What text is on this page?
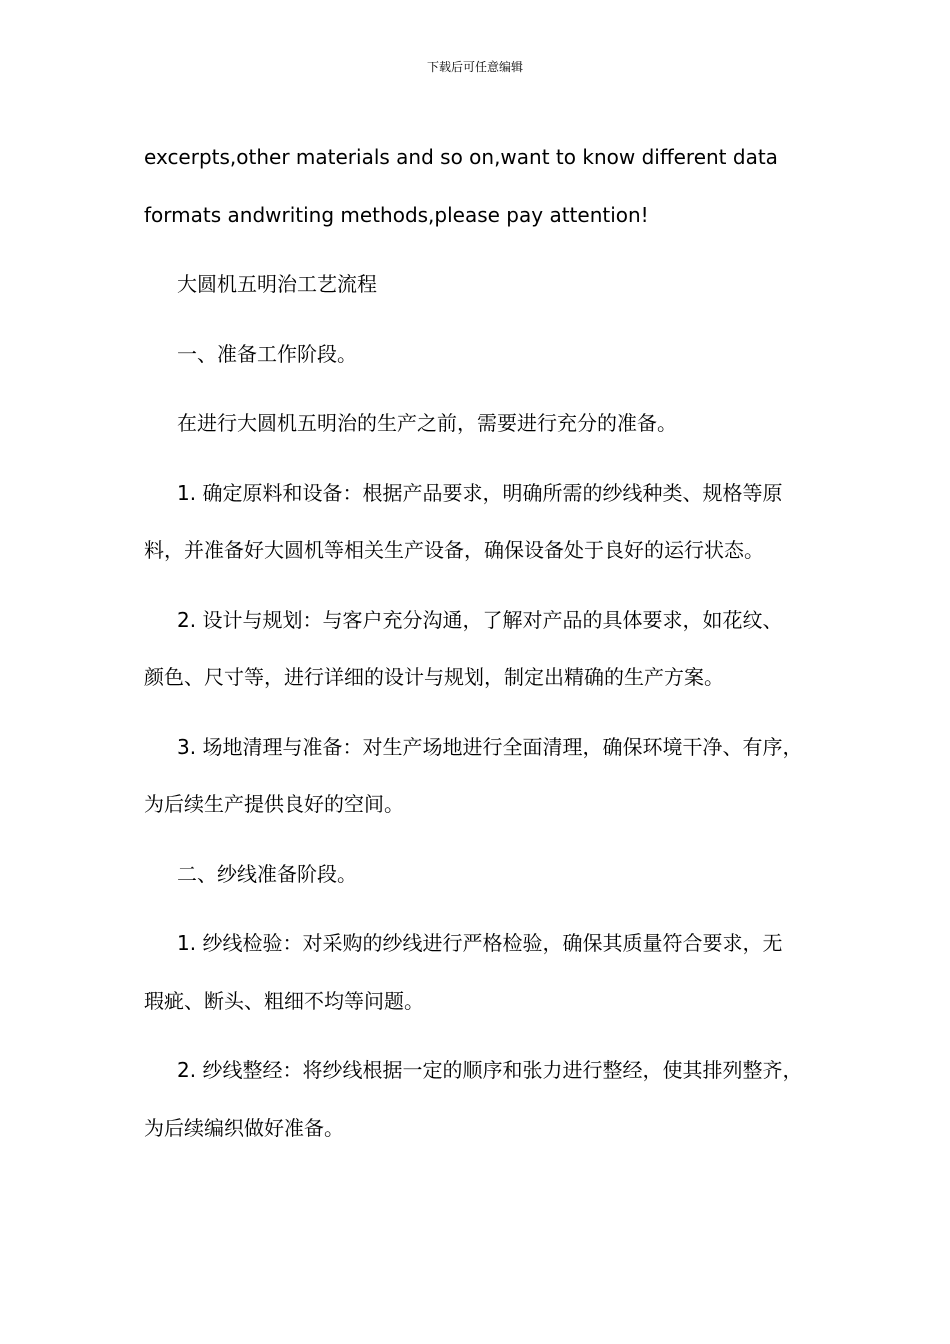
下载后可任意编辑

excerpts,other materials and so on,want to know different data
formats andwriting methods,please pay attention!

大圆机五明治工艺流程

一、准备工作阶段。

在进行大圆机五明治的生产之前，需要进行充分的准备。

1. 确定原料和设备：根据产品要求，明确所需的纱线种类、规格等原
料，并准备好大圆机等相关生产设备，确保设备处于良好的运行状态。

2. 设计与规划：与客户充分沟通，了解对产品的具体要求，如花纹、
颜色、尺寸等，进行详细的设计与规划，制定出精确的生产方案。

3. 场地清理与准备：对生产场地进行全面清理，确保环境干净、有序，
为后续生产提供良好的空间。

二、纱线准备阶段。

1. 纱线检验：对采购的纱线进行严格检验，确保其质量符合要求，无
瑕疵、断头、粗细不均等问题。

2. 纱线整经：将纱线根据一定的顺序和张力进行整经，使其排列整齐，
为后续编织做好准备。
